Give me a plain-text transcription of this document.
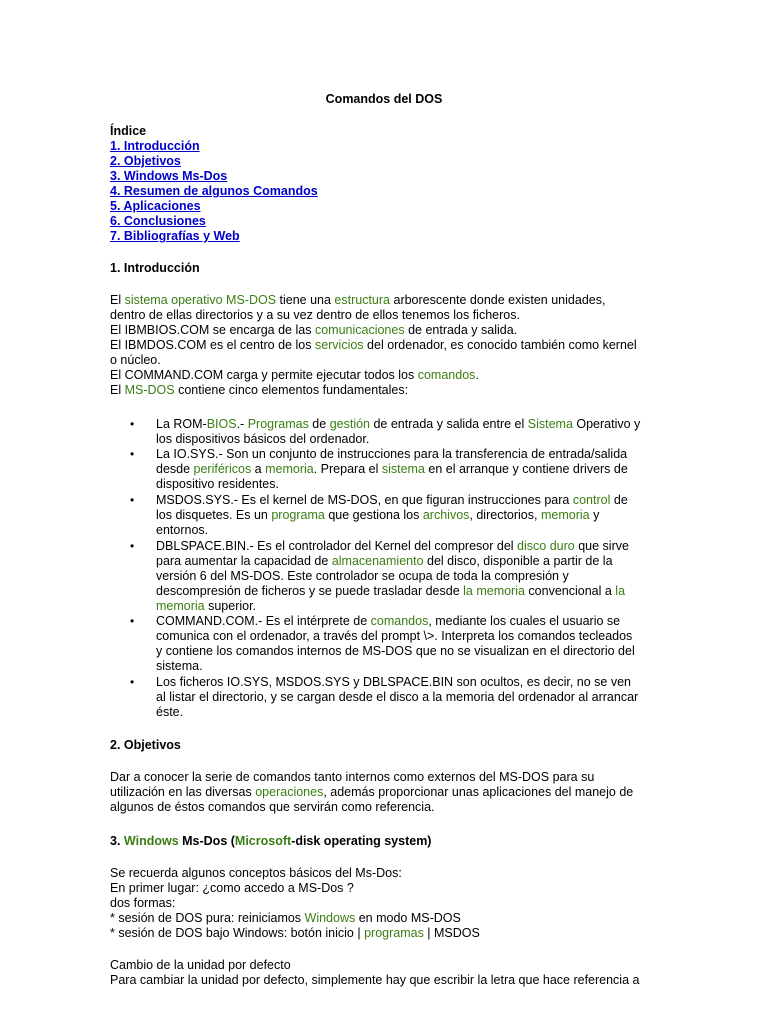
Comandos del DOS
Índice
1. Introducción
2. Objetivos
3. Windows Ms-Dos
4. Resumen de algunos Comandos
5. Aplicaciones
6. Conclusiones
7. Bibliografías y Web
1. Introducción

El sistema operativo MS-DOS tiene una estructura arborescente donde existen unidades,

dentro de ellas directorios y a su vez dentro de ellos tenemos los ficheros.

El IBMBIOS.COM se encarga de las comunicaciones de entrada y salida.

El IBMDOS.COM es el centro de los servicios del ordenador, es conocido también como kernel

o núcleo.

El COMMAND.COM carga y permite ejecutar todos los comandos.

El MS-DOS contiene cinco elementos fundamentales:

•	La ROM-BIOS.- Programas de gestión de entrada y salida entre el Sistema Operativo y

los dispositivos básicos del ordenador.

•	La IO.SYS.- Son un conjunto de instrucciones para la transferencia de entrada/salida

desde periféricos a memoria. Prepara el sistema en el arranque y contiene drivers de

dispositivo residentes.

•	MSDOS.SYS.- Es el kernel de MS-DOS, en que figuran instrucciones para control de

los disquetes. Es un programa que gestiona los archivos, directorios, memoria y

entornos.

•	DBLSPACE.BIN.- Es el controlador del Kernel del compresor del disco duro que sirve

para aumentar la capacidad de almacenamiento del disco, disponible a partir de la

versión 6 del MS-DOS. Este controlador se ocupa de toda la compresión y

descompresión de ficheros y se puede trasladar desde la memoria convencional a la

memoria superior.

•	COMMAND.COM.- Es el intérprete de comandos, mediante los cuales el usuario se

comunica con el ordenador, a través del prompt \>. Interpreta los comandos tecleados

y contiene los comandos internos de MS-DOS que no se visualizan en el directorio del

sistema.

•	Los ficheros IO.SYS, MSDOS.SYS y DBLSPACE.BIN son ocultos, es decir, no se ven

al listar el directorio, y se cargan desde el disco a la memoria del ordenador al arrancar

éste.

2. Objetivos

Dar a conocer la serie de comandos tanto internos como externos del MS-DOS para su

utilización en las diversas operaciones, además proporcionar unas aplicaciones del manejo de

algunos de éstos comandos que servirán como referencia.

3. Windows Ms-Dos (Microsoft-disk operating system)

Se recuerda algunos conceptos básicos del Ms-Dos:

En primer lugar: ¿como accedo a MS-Dos ?

dos formas:

* sesión de DOS pura: reiniciamos Windows en modo MS-DOS

* sesión de DOS bajo Windows: botón inicio | programas | MSDOS

Cambio de la unidad por defecto

Para cambiar la unidad por defecto, simplemente hay que escribir la letra que hace referencia a
